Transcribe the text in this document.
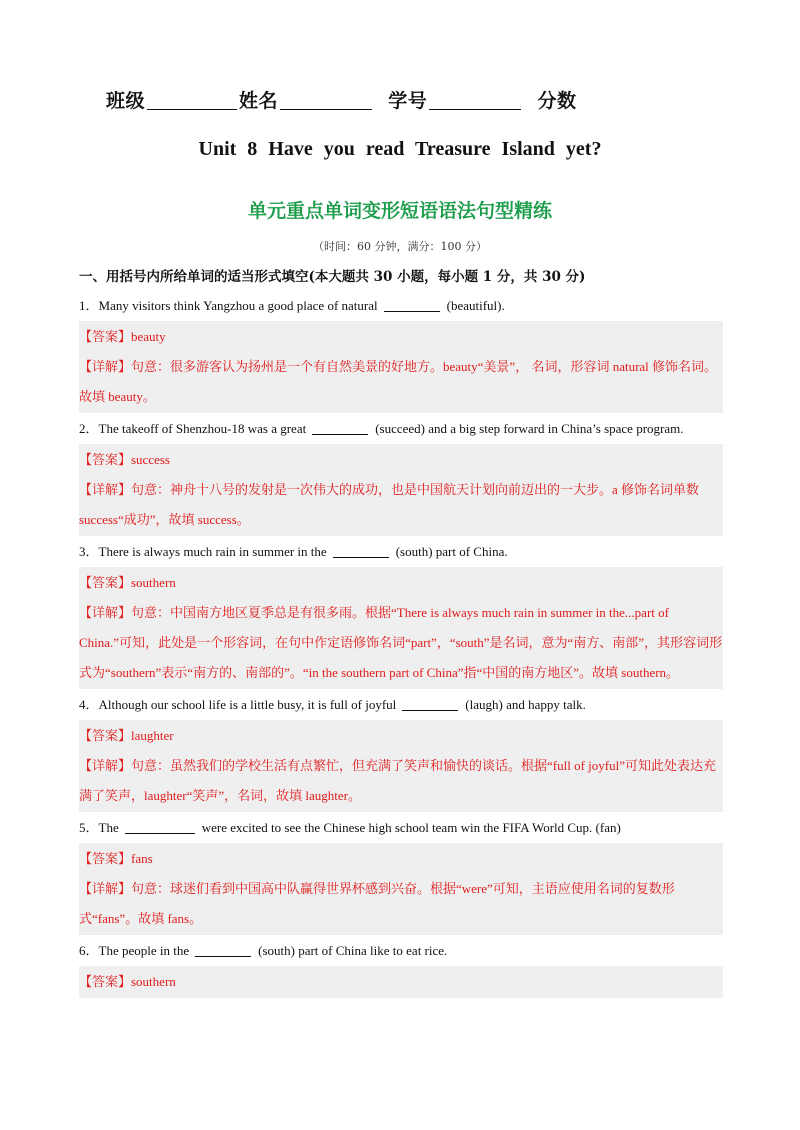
班级	姓名	学号	分数
Unit 8 Have you read Treasure Island yet?
单元重点单词变形短语语法句型精练
（时间：60 分钟，满分：100 分）
一、用括号内所给单词的适当形式填空(本大题共 30 小题，每小题 1 分，共 30 分)

1．Many visitors think Yangzhou a good place of natural	(beautiful).

【答案】beauty

【详解】句意：很多游客认为扬州是一个有自然美景的好地方。beauty“美景”， 名词，形容词 natural 修饰名词。故填 beauty。

2．The takeoff of Shenzhou-18 was a great	(succeed) and a big step forward in China’s space program.

【答案】success

【详解】句意：神舟十八号的发射是一次伟大的成功，也是中国航天计划向前迈出的一大步。a 修饰名词单数 success“成功”，故填 success。

3．There is always much rain in summer in the	(south) part of China.

【答案】southern

【详解】句意：中国南方地区夏季总是有很多雨。根据“There is always much rain in summer in the...part of China.”可知，此处是一个形容词，在句中作定语修饰名词“part”，“south”是名词，意为“南方、南部”，其形容词形式为“southern”表示“南方的、南部的”。“in the southern part of China”指“中国的南方地区”。故填 southern。

4．Although our school life is a little busy, it is full of joyful	(laugh) and happy talk.

【答案】laughter

【详解】句意：虽然我们的学校生活有点繁忙，但充满了笑声和愉快的谈话。根据“full of joyful”可知此处表达充满了笑声，laughter“笑声”，名词，故填 laughter。

5．The	were excited to see the Chinese high school team win the FIFA World Cup. (fan)

【答案】fans

【详解】句意：球迷们看到中国高中队赢得世界杯感到兴奋。根据“were”可知，主语应使用名词的复数形式“fans”。故填 fans。

6．The people in the	(south) part of China like to eat rice.

【答案】southern
